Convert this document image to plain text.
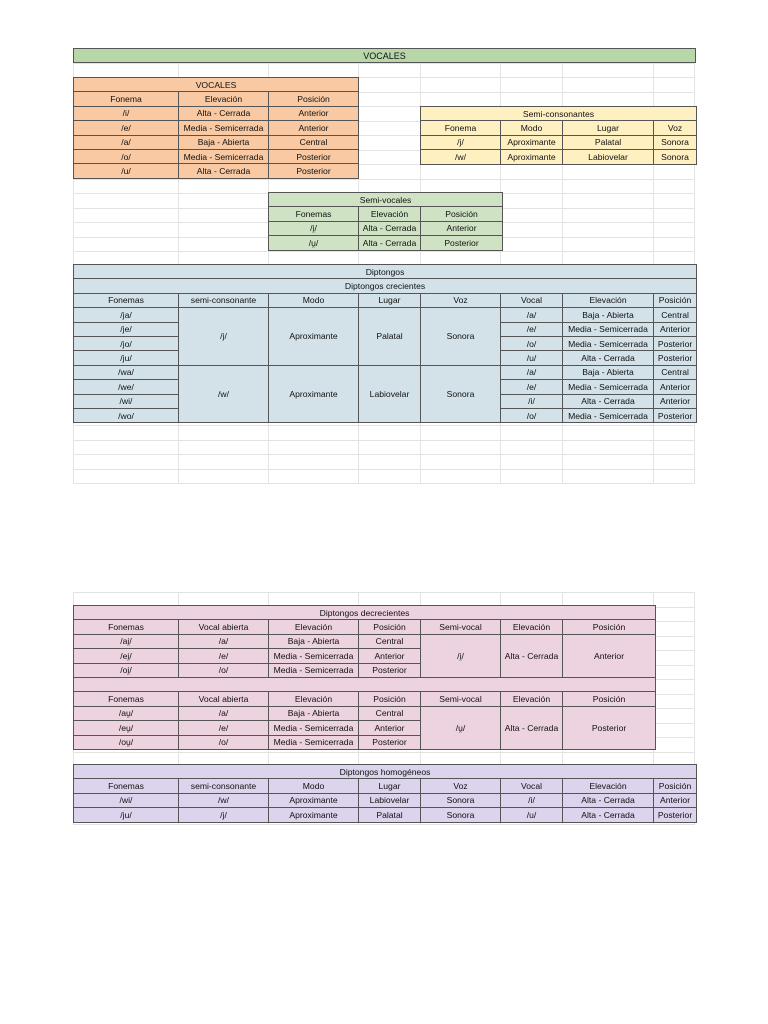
VOCALES
VOCALES		
Fonema	Elevación	Posición
/i/	Alta - Cerrada	Anterior
/e/	Media - Semicerrada	Anterior
/a/	Baja - Abierta	Central
/o/	Media - Semicerrada	Posterior
/u/	Alta - Cerrada	Posterior
Semi-consonantes			
Fonema	Modo	Lugar	Voz
/j/	Aproximante	Palatal	Sonora
/w/	Aproximante	Labiovelar	Sonora
Semi-vocales		
Fonemas	Elevación	Posición
/i̯/	Alta - Cerrada	Anterior
/u̯/	Alta - Cerrada	Posterior
Diptongos							
Diptongos crecientes							
Fonemas	semi-consonante	Modo	Lugar	Voz	Vocal	Elevación	Posición
/ja/	/j/	Aproximante	Palatal	Sonora	/a/	Baja - Abierta	Central
/je/					/e/	Media - Semicerrada	Anterior
/jo/					/o/	Media - Semicerrada	Posterior
/ju/					/u/	Alta - Cerrada	Posterior
/wa/	/w/	Aproximante	Labiovelar	Sonora	/a/	Baja - Abierta	Central
/we/					/e/	Media - Semicerrada	Anterior
/wi/					/i/	Alta - Cerrada	Anterior
/wo/					/o/	Media - Semicerrada	Posterior
Diptongos decrecientes						
Fonemas	Vocal abierta	Elevación	Posición	Semi-vocal	Elevación	Posición
/ai̯/	/a/	Baja - Abierta	Central	/i̯/	Alta - Cerrada	Anterior
/ei̯/	/e/	Media - Semicerrada	Anterior			
/oi̯/	/o/	Media - Semicerrada	Posterior			

Fonemas	Vocal abierta	Elevación	Posición	Semi-vocal	Elevación	Posición
/au̯/	/a/	Baja - Abierta	Central	/u̯/	Alta - Cerrada	Posterior
/eu̯/	/e/	Media - Semicerrada	Anterior			
/ou̯/	/o/	Media - Semicerrada	Posterior			
Diptongos homogéneos							
Fonemas	semi-consonante	Modo	Lugar	Voz	Vocal	Elevación	Posición
/wi/	/w/	Aproximante	Labiovelar	Sonora	/i/	Alta - Cerrada	Anterior
/ju/	/j/	Aproximante	Palatal	Sonora	/u/	Alta - Cerrada	Posterior
